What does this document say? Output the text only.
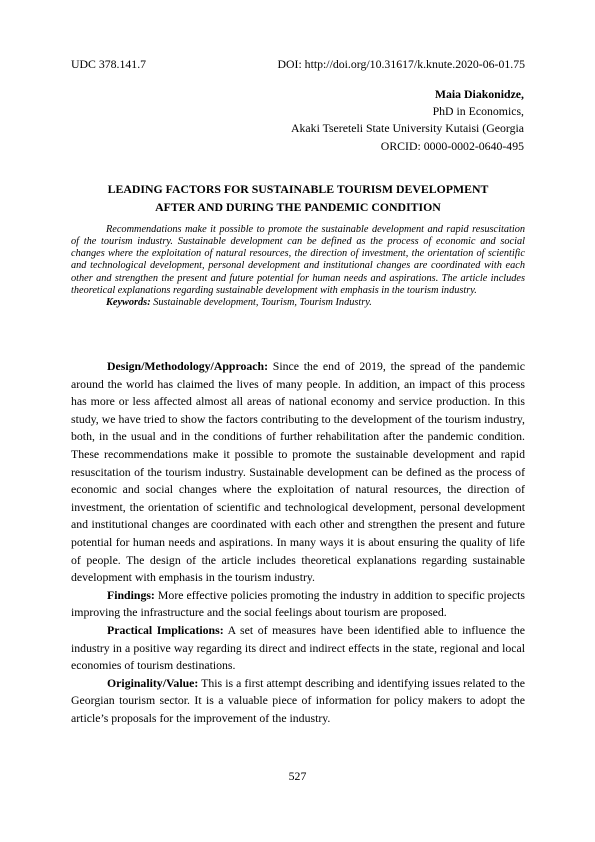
UDC 378.141.7	DOI: http://doi.org/10.31617/k.knute.2020-06-01.75
Maia Diakonidze,
PhD in Economics,
Akaki Tsereteli State University Kutaisi (Georgia
ORCID: 0000-0002-0640-495
LEADING FACTORS FOR SUSTAINABLE TOURISM DEVELOPMENT
AFTER AND DURING THE PANDEMIC CONDITION

Recommendations make it possible to promote the sustainable development and rapid resuscitation of the tourism industry. Sustainable development can be defined as the process of economic and social changes where the exploitation of natural resources, the direction of investment, the orientation of scientific and technological development, personal development and institutional changes are coordinated with each other and strengthen the present and future potential for human needs and aspirations. The article includes theoretical explanations regarding sustainable development with emphasis in the tourism industry.

Keywords: Sustainable development, Tourism, Tourism Industry.

Design/Methodology/Approach: Since the end of 2019, the spread of the pandemic around the world has claimed the lives of many people. In addition, an impact of this process has more or less affected almost all areas of national economy and service production. In this study, we have tried to show the factors contributing to the development of the tourism industry, both, in the usual and in the conditions of further rehabilitation after the pandemic condition. These recommendations make it possible to promote the sustainable development and rapid resuscitation of the tourism industry. Sustainable development can be defined as the process of economic and social changes where the exploitation of natural resources, the direction of investment, the orientation of scientific and technological development, personal development and institutional changes are coordinated with each other and strengthen the present and future potential for human needs and aspirations. In many ways it is about ensuring the quality of life of people. The design of the article includes theoretical explanations regarding sustainable development with emphasis in the tourism industry.

Findings: More effective policies promoting the industry in addition to specific projects improving the infrastructure and the social feelings about tourism are proposed.

Practical Implications: A set of measures have been identified able to influence the industry in a positive way regarding its direct and indirect effects in the state, regional and local economies of tourism destinations.

Originality/Value: This is a first attempt describing and identifying issues related to the Georgian tourism sector. It is a valuable piece of information for policy makers to adopt the article’s proposals for the improvement of the industry.

527
